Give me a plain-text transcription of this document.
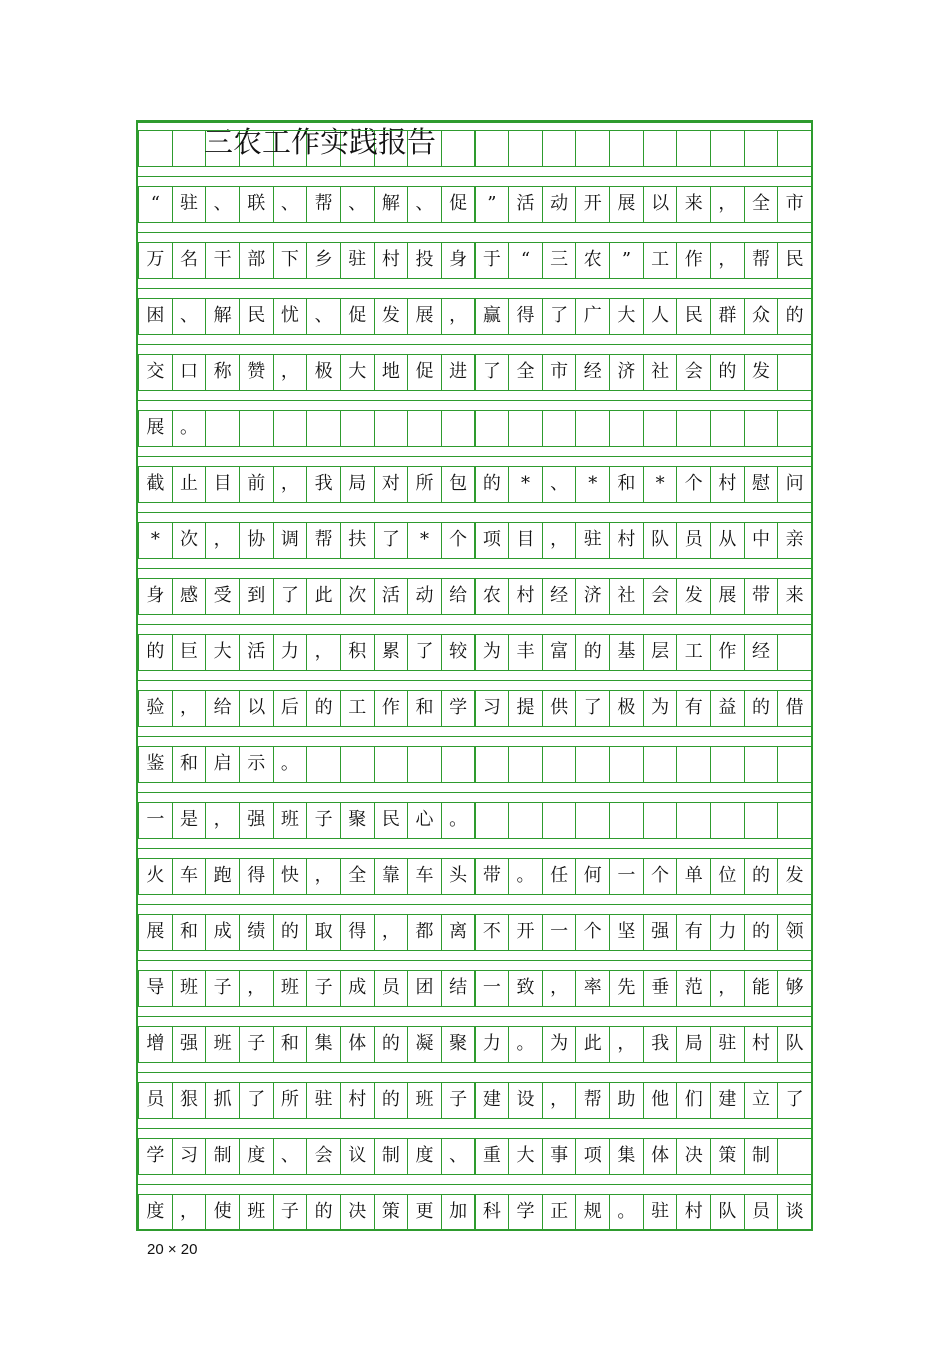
三农工作实践报告
“ 驻 、 联 、 帮 、 解 、 促 ” 活 动 开 展 以 来 ， 全 市
万 名 干 部 下 乡 驻 村 投 身 于 “ 三 农 ” 工 作 ， 帮 民
困 、 解 民 忧 、 促 发 展 ， 赢 得 了 广 大 人 民 群 众 的
交 口 称 赞 ， 极 大 地 促 进 了 全 市 经 济 社 会 的 发
展 。
截 止 目 前 ， 我 局 对 所 包 的 * 、 * 和 * 个 村 慰 问
* 次 ， 协 调 帮 扶 了 * 个 项 目 ， 驻 村 队 员 从 中 亲
身 感 受 到 了 此 次 活 动 给 农 村 经 济 社 会 发 展 带 来
的 巨 大 活 力 ， 积 累 了 较 为 丰 富 的 基 层 工 作 经
验 ， 给 以 后 的 工 作 和 学 习 提 供 了 极 为 有 益 的 借
鉴 和 启 示 。
一 是 ， 强 班 子 聚 民 心 。
火 车 跑 得 快 ， 全 靠 车 头 带 。 任 何 一 个 单 位 的 发
展 和 成 绩 的 取 得 ， 都 离 不 开 一 个 坚 强 有 力 的 领
导 班 子 ， 班 子 成 员 团 结 一 致 ， 率 先 垂 范 ， 能 够
增 强 班 子 和 集 体 的 凝 聚 力 。 为 此 ， 我 局 驻 村 队
员 狠 抓 了 所 驻 村 的 班 子 建 设 ， 帮 助 他 们 建 立 了
学 习 制 度 、 会 议 制 度 、 重 大 事 项 集 体 决 策 制
度 ， 使 班 子 的 决 策 更 加 科 学 正 规 。 驻 村 队 员 谈
20 × 20
